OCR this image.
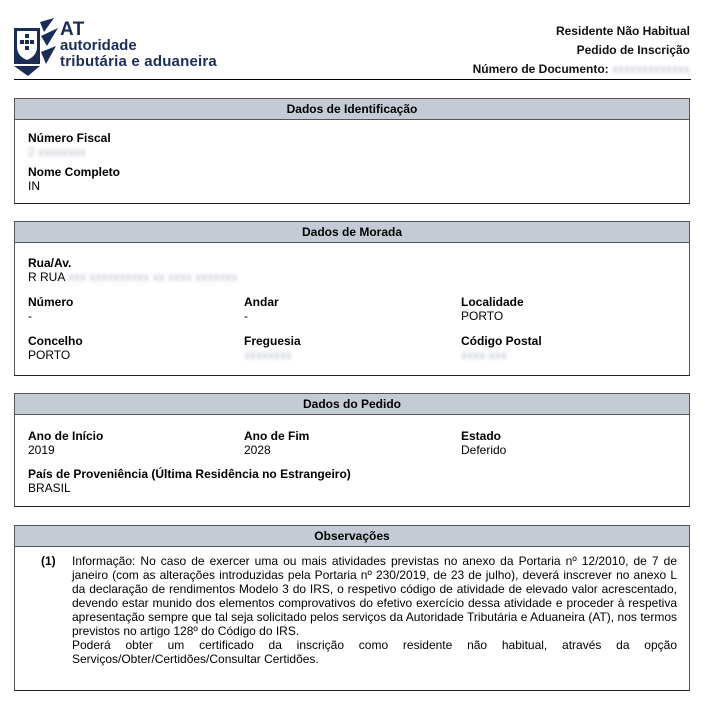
AT
autoridade
tributária e aduaneira
Residente Não Habitual
Pedido de Inscrição
Número de Documento: xxxxxxxxxxxxx
Dados de Identificação
Número Fiscal
2 xxxxxxxx
Nome Completo
IN
Dados de Morada
Rua/Av.
R RUA xxx xxxxxxxxxx xx xxxx xxxxxxx
Número
-
Andar
-
Localidade
PORTO
Concelho
PORTO
Freguesia
xxxxxxxx
Código Postal
xxxx-xxx
Dados do Pedido
Ano de Início
2019
Ano de Fim
2028
Estado
Deferido
País de Proveniência (Última Residência no Estrangeiro)
BRASIL
Observações
(1) Informação: No caso de exercer uma ou mais atividades previstas no anexo da Portaria nº 12/2010, de 7 de janeiro (com as alterações introduzidas pela Portaria nº 230/2019, de 23 de julho), deverá inscrever no anexo L da declaração de rendimentos Modelo 3 do IRS, o respetivo código de atividade de elevado valor acrescentado, devendo estar munido dos elementos comprovativos do efetivo exercício dessa atividade e proceder à respetiva apresentação sempre que tal seja solicitado pelos serviços da Autoridade Tributária e Aduaneira (AT), nos termos previstos no artigo 128º do Código do IRS.

Poderá obter um certificado da inscrição como residente não habitual, através da opção Serviços/Obter/Certidões/Consultar Certidões.
